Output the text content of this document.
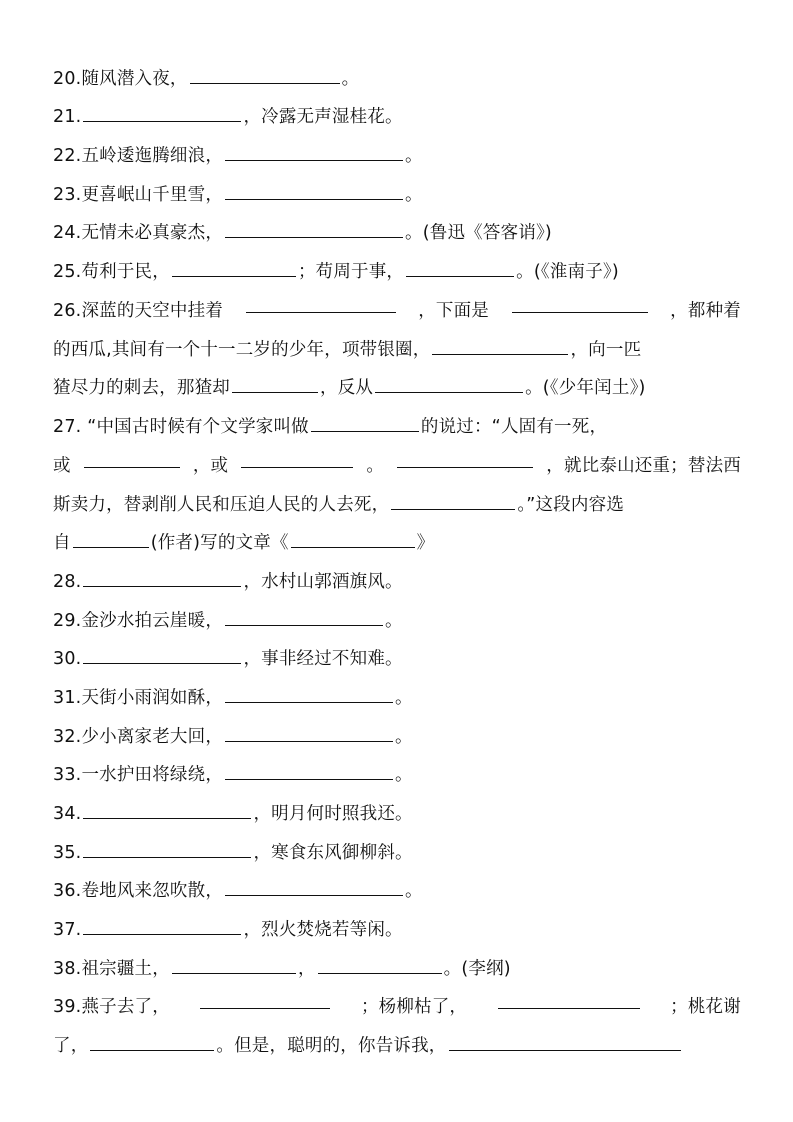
20.随风潜入夜，	。
21.	，冷露无声湿桂花。
22.五岭逶迤腾细浪，	。
23.更喜岷山千里雪，	。
24.无情未必真豪杰，	。(鲁迅《答客诮》)
25.苟利于民，	；苟周于事，	。(《淮南子》)
26.深蓝的天空中挂着	，下面是	，都种着
的西瓜,其间有一个十一二岁的少年，项带银圈，	，向一匹
猹尽力的刺去，那猹却	，反从	。(《少年闰土》)
27. “中国古时候有个文学家叫做	的说过：“人固有一死，
或	，或	。	，就比泰山还重；替法西
斯卖力，替剥削人民和压迫人民的人去死，	。”这段内容选
自	(作者)写的文章《	》
28.	，水村山郭酒旗风。
29.金沙水拍云崖暖，	。
30.	，事非经过不知难。
31.天街小雨润如酥，	。
32.少小离家老大回，	。
33.一水护田将绿绕，	。
34.	，明月何时照我还。
35.	，寒食东风御柳斜。
36.卷地风来忽吹散，	。
37.	，烈火焚烧若等闲。
38.祖宗疆土，	，	。(李纲)
39.燕子去了，	；杨柳枯了，	；桃花谢
了，	。但是，聪明的，你告诉我，
